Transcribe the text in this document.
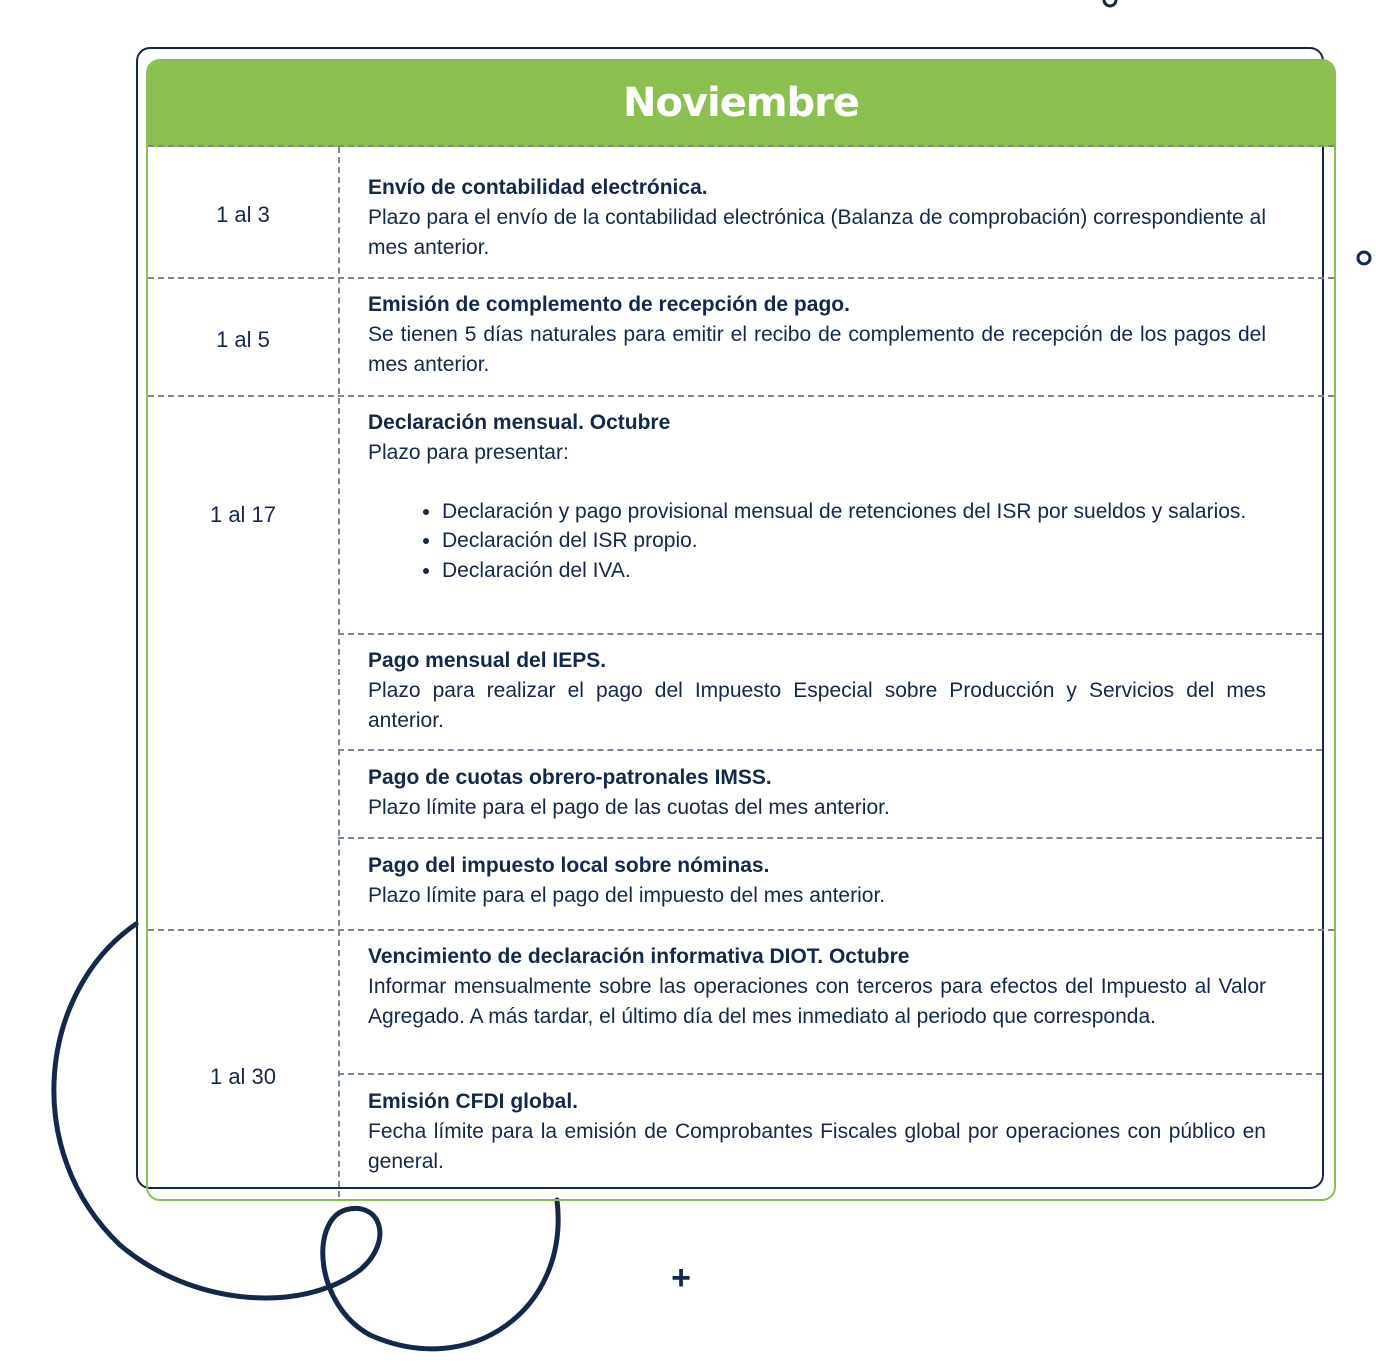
Noviembre
1 al 3
Envío de contabilidad electrónica.
Plazo para el envío de la contabilidad electrónica (Balanza de comprobación) correspondiente al mes anterior.
1 al 5
Emisión de complemento de recepción de pago.
Se tienen 5 días naturales para emitir el recibo de complemento de recepción de los pagos del mes anterior.
1 al 17
Declaración mensual. Octubre
Plazo para presentar:
• Declaración y pago provisional mensual de retenciones del ISR por sueldos y salarios.
• Declaración del ISR propio.
• Declaración del IVA.
Pago mensual del IEPS.
Plazo para realizar el pago del Impuesto Especial sobre Producción y Servicios del mes anterior.
Pago de cuotas obrero-patronales IMSS.
Plazo límite para el pago de las cuotas del mes anterior.
Pago del impuesto local sobre nóminas.
Plazo límite para el pago del impuesto del mes anterior.
1 al 30
Vencimiento de declaración informativa DIOT. Octubre
Informar mensualmente sobre las operaciones con terceros para efectos del Impuesto al Valor Agregado. A más tardar, el último día del mes inmediato al periodo que corresponda.
Emisión CFDI global.
Fecha límite para la emisión de Comprobantes Fiscales global por operaciones con público en general.
+
